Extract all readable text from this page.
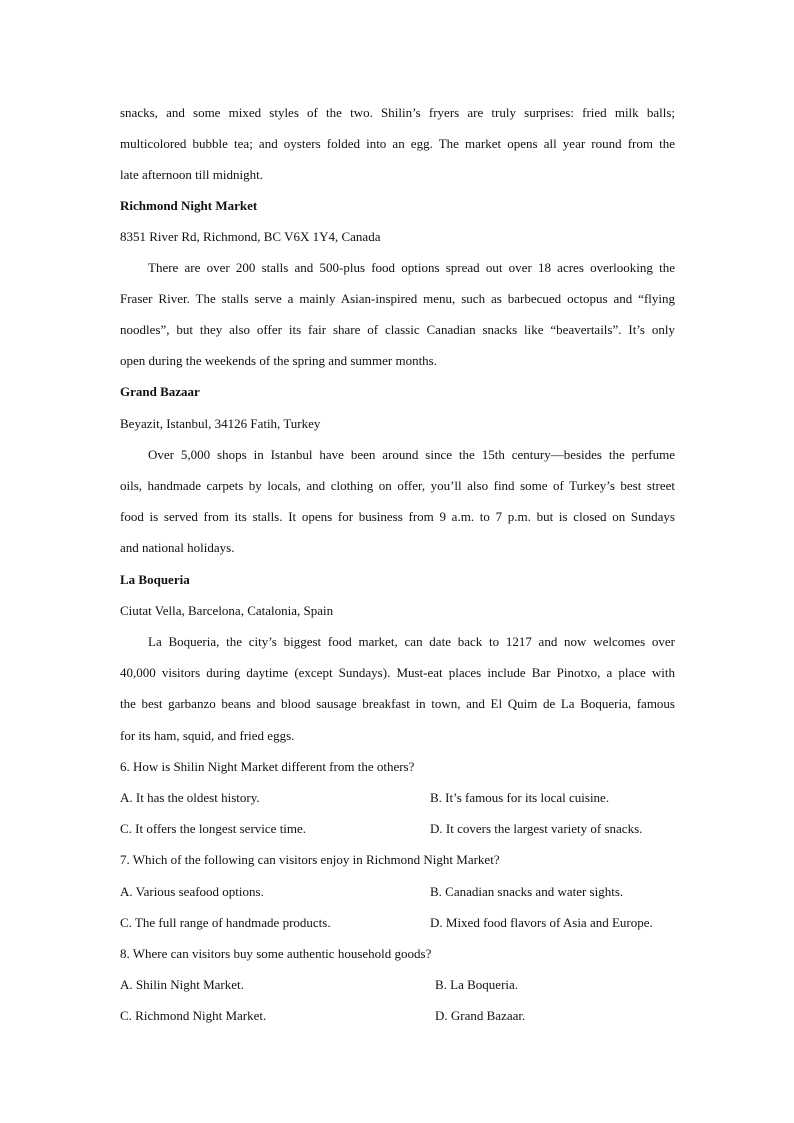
snacks, and some mixed styles of the two. Shilin’s fryers are truly surprises: fried milk balls;
multicolored bubble tea; and oysters folded into an egg. The market opens all year round from the
late afternoon till midnight.
Richmond Night Market
8351 River Rd, Richmond, BC V6X 1Y4, Canada
There are over 200 stalls and 500-plus food options spread out over 18 acres overlooking the
Fraser River. The stalls serve a mainly Asian-inspired menu, such as barbecued octopus and “flying
noodles”, but they also offer its fair share of classic Canadian snacks like “beavertails”. It’s only
open during the weekends of the spring and summer months.
Grand Bazaar
Beyazit, Istanbul, 34126 Fatih, Turkey
Over 5,000 shops in Istanbul have been around since the 15th century—besides the perfume
oils, handmade carpets by locals, and clothing on offer, you’ll also find some of Turkey’s best street
food is served from its stalls. It opens for business from 9 a.m. to 7 p.m. but is closed on Sundays
and national holidays.
La Boqueria
Ciutat Vella, Barcelona, Catalonia, Spain
La Boqueria, the city’s biggest food market, can date back to 1217 and now welcomes over
40,000 visitors during daytime (except Sundays). Must-eat places include Bar Pinotxo, a place with
the best garbanzo beans and blood sausage breakfast in town, and El Quim de La Boqueria, famous
for its ham, squid, and fried eggs.
6. How is Shilin Night Market different from the others?
A. It has the oldest history.	B. It’s famous for its local cuisine.
C. It offers the longest service time.	D. It covers the largest variety of snacks.
7. Which of the following can visitors enjoy in Richmond Night Market?
A. Various seafood options.	B. Canadian snacks and water sights.
C. The full range of handmade products.	D. Mixed food flavors of Asia and Europe.
8. Where can visitors buy some authentic household goods?
A. Shilin Night Market.	B. La Boqueria.
C. Richmond Night Market.	D. Grand Bazaar.
